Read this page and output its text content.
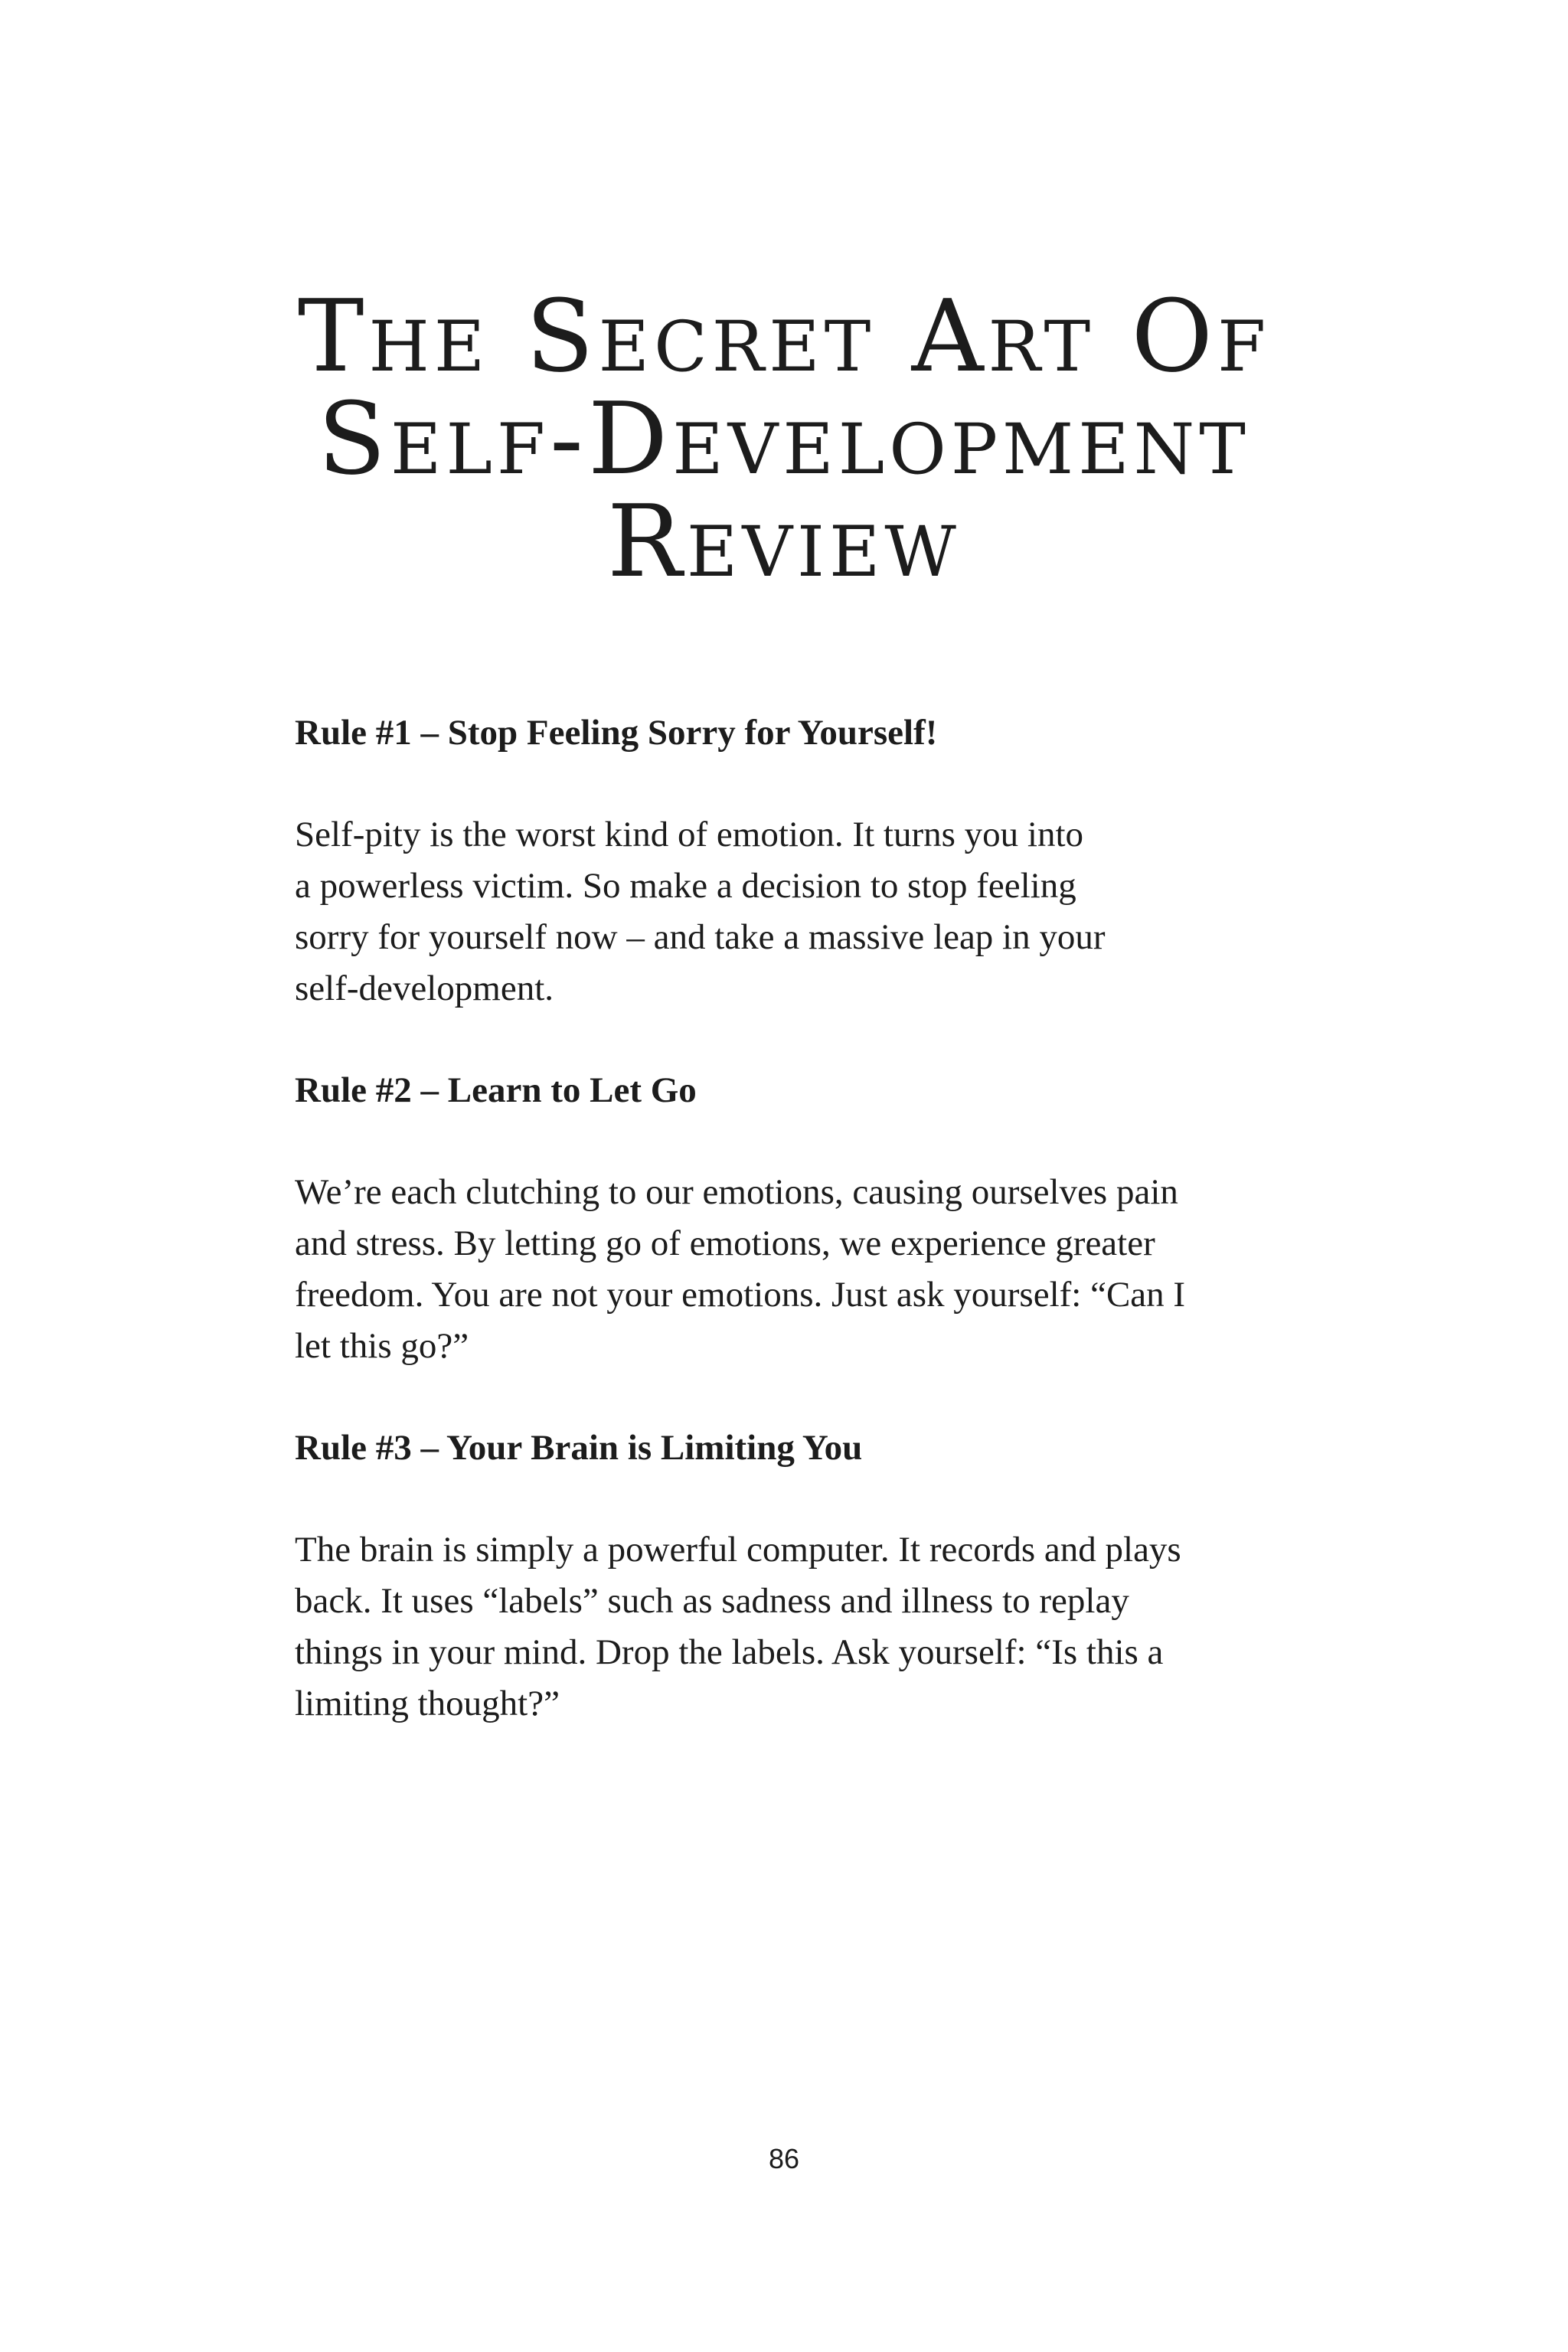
The Secret Art Of
Self-Development
Review

Rule #1 – Stop Feeling Sorry for Yourself!

Self-pity is the worst kind of emotion. It turns you into
a powerless victim. So make a decision to stop feeling
sorry for yourself now – and take a massive leap in your
self-development.

Rule #2 – Learn to Let Go

We’re each clutching to our emotions, causing ourselves pain
and stress. By letting go of emotions, we experience greater
freedom. You are not your emotions. Just ask yourself: “Can I
let this go?”

Rule #3 – Your Brain is Limiting You

The brain is simply a powerful computer. It records and plays
back. It uses “labels” such as sadness and illness to replay
things in your mind. Drop the labels. Ask yourself: “Is this a
limiting thought?”

86
